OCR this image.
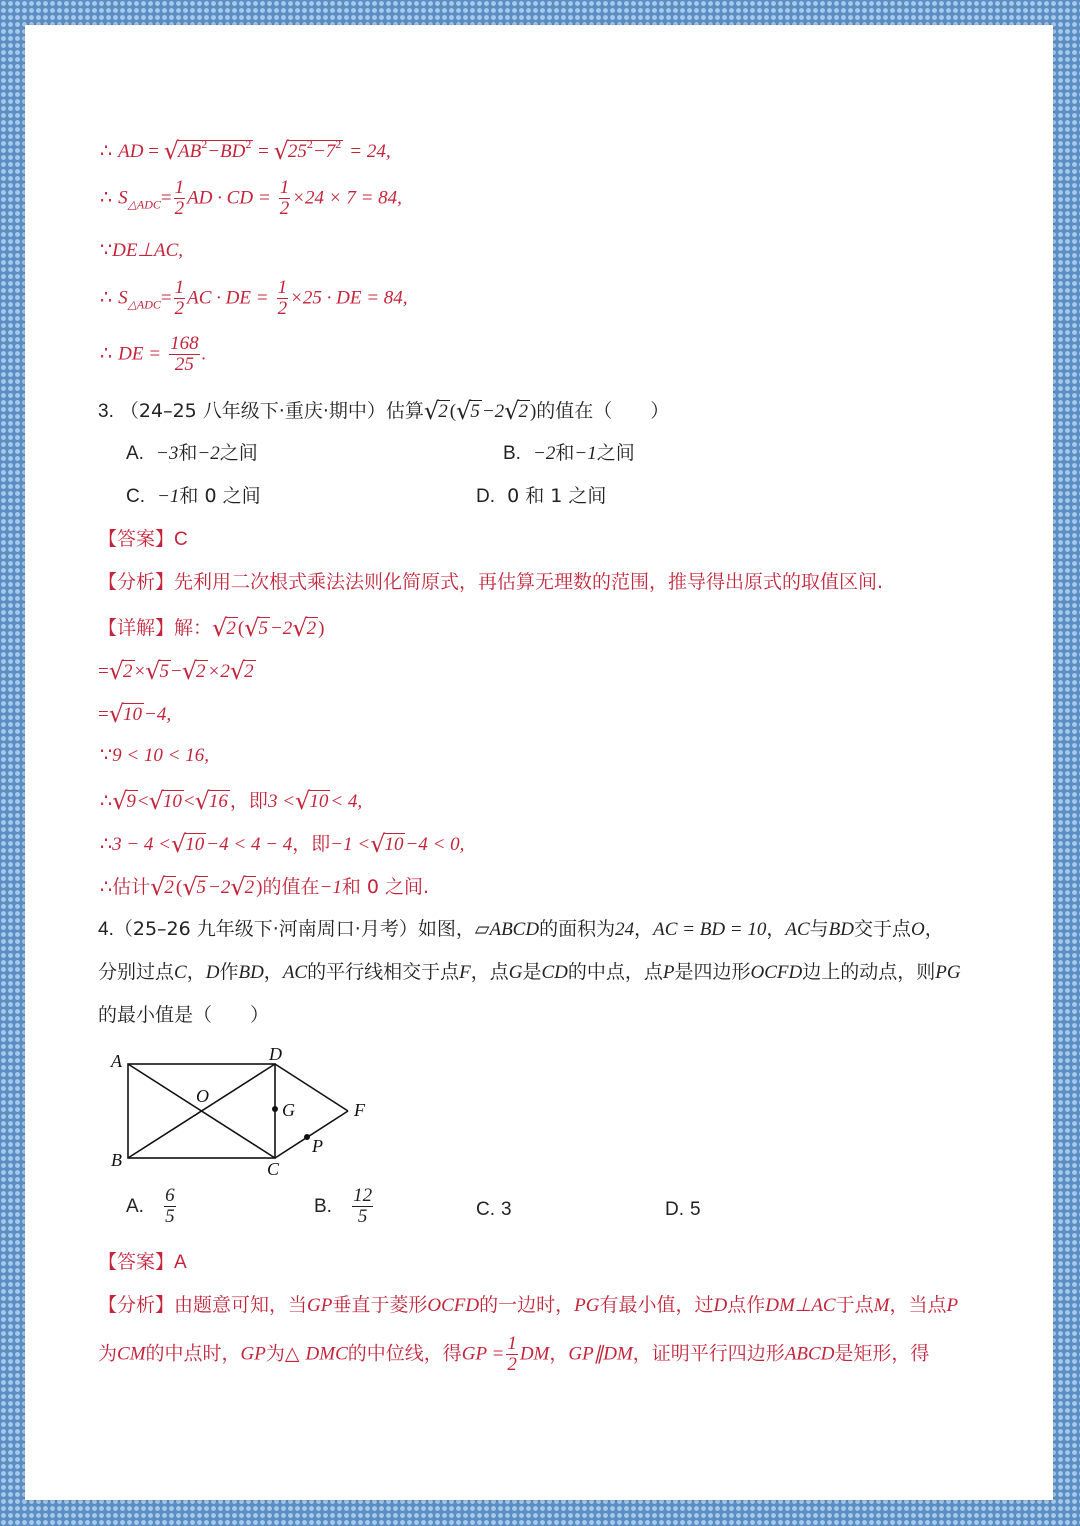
∴ AD = $√AB^2-BD^2 = √25^2-7^2 = 24$,
∴ $S_{\triangle ADC}= \frac{1}{2}$ AD · CD = $\frac{1}{2} \times 24 \times 7 = 84$,
∵DE⊥AC,
∴ $S_{\triangle ADC}= \frac{1}{2}$ AC · DE = $\frac{1}{2} \times 25$ · DE = 84,
∴ DE = $\frac{168}{25}$ .
3. （24–25 八年级下·重庆·期中）估算√2 (√5 −2√2 )的值在（　　）
A. −3和−2之间	B. −2和−1之间
C. −1和 0 之间	D. 0 和 1 之间
【答案】C
【分析】先利用二次根式乘法法则化简原式，再估算无理数的范围，推导得出原式的取值区间.
【详解】解：√2 (√5 −2√2 )
=√2 ×√5 −√2 ×2√2
=√10 −4,
∵9 < 10 < 16,
∴√9 <√10 <√16 ，即3 <√10 < 4,
∴3 − 4 <√10 −4 < 4 − 4，即−1 <√10 −4 < 0,
∴估计√2 (√5 −2√2 )的值在−1和 0 之间.
4.（25–26 九年级下·河南周口·月考）如图，▱ABCD的面积为24，AC = BD = 10，AC与BD交于点O，
分别过点C，D作BD，AC的平行线相交于点F，点G是CD的中点，点P是四边形OCFD边上的动点，则PG
的最小值是（　　）
A
B	C
D
O
G	F
P
A. $\frac{6}{5}$	B. $\frac{12}{5}$	C. 3	D. 5
【答案】A
【分析】由题意可知，当GP垂直于菱形OCFD的一边时，PG有最小值，过D点作DM⊥AC于点M，当点P
为CM的中点时，GP为△ DMC的中位线，得GP = $\frac{1}{2}$ DM，GP∥DM，证明平行四边形ABCD是矩形，得
